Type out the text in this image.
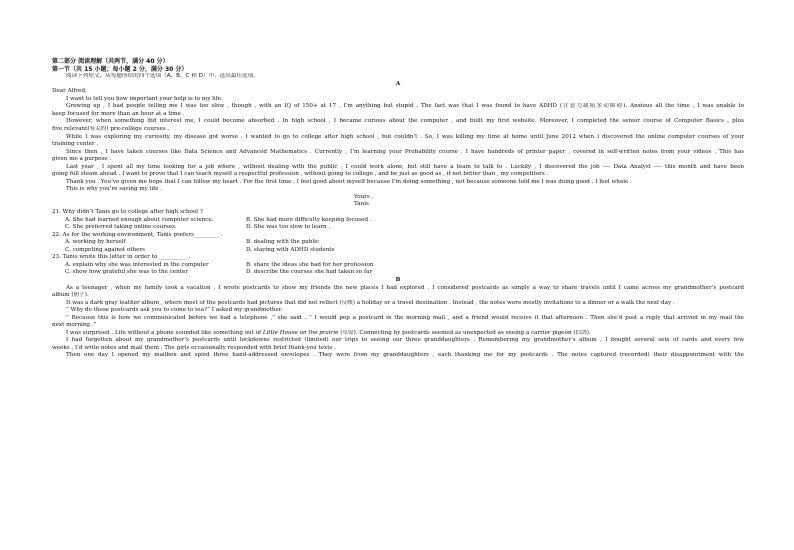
第二部分 阅读理解（共两节，满分 40 分）
第一节（共 15 小题；每小题 2 分，满分 30 分）
阅读下列短文，从每题所给的四个选项（A、B、C 和 D）中，选出最佳选项。
A
Dear Alfred,
I want to tell you how important your help is to my life.
Growing up , I had people telling me I was too slow , though , with an IQ of 150+ at 17 , I’m anything but stupid . The fact was that I was found to have ADHD (注意力缺陷多动障碍). Anxious all the time , I was unable to
keep focused for more than an hour at a time .
However, when something did interest me, I could become absorbed . In high school , I became curious about the computer , and built my first website. Moreover, I completed the senior course of Computer Basics , plus
five relevant(有关的) pre-college courses .
While I was exploring my curiosity, my disease got worse . I wanted to go to college after high school , but couldn’t . So, I was killing my time at home until June 2012 when I discovered the online computer courses of your
training center .
Since then , I have taken courses like Data Science and Advanced Mathematics . Currently , I’m learning your Probability course . I have hundreds of printer paper , covered in self-written notes from your videos . This has
given me a purpose .
Last year , I spent all my time looking for a job where , without dealing with the public , I could work alone, but still have a team to talk to . Luckily , I discovered the job ---- Data Analyst ---- this month and have been
going full steam ahead . I want to prove that I can teach myself a respectful profession , without going to college , and be just as good as , if not better than , my competitors .
Thank you . You’ve given me hope that I can follow my heart . For the first time , I feel good about myself because I’m doing something , not because someone told me I was doing good . I feel whole .
This is why you’re saving my life .
Yours ,
Tanis
21. Why didn’t Tanis go to college after high school ?
A. She had learned enough about computer science.	B. She had more difficulty keeping focused .
C. She preferred taking online courses.	D. She was too slow to learn .
22. As for the working environment, Tanis prefers_________ .
A. working by herself	B. dealing with the public
C. competing against others	D. staying with ADHD students
23. Tanis wrote this letter in order to __________ .
A. explain why she was interested in the computer	B. share the ideas she had for her profession
C. show how grateful she was to the center	D. describe the courses she had taken so far
B
As a teenager , when my family took a vacation , I wrote postcards to show my friends the new places I had explored . I considered postcards as simply a way to share travels until I came across my grandmother’s postcard
album (册子).
It was a dark gray leather album , where most of the postcards had pictures that did not reflect (反映) a holiday or a travel destination . Instead , the notes were mostly invitations to a dinner or a walk the next day .
“ Why do these postcards ask you to come to tea?” I asked my grandmother.
“ Because this is how we communicated before we had a telephone ,” she said . “ I would pop a postcard in the morning mail , and a friend would receive it that afternoon . Then she’d post a reply that arrived in my mail the
next morning .”
I was surprised . Life without a phone sounded like something out of Little House on the prairie (草原). Connecting by postcards seemed as unexpected as seeing a carrier pigeon (信鸽).
I had forgotten about my grandmother’s postcards until lockdowns restricted (limited) our trips to seeing our three granddaughters . Remembering my grandmother’s album , I bought several sets of cards and every few
weeks , I’d write notes and mail them . The girls occasionally responded with brief thank-you texts .
Then one day I opened my mailbox and spied three hand-addressed envelopes . They were from my granddaughters , each thanking me for my postcards . The notes captured (recorded) their disappointment with the
